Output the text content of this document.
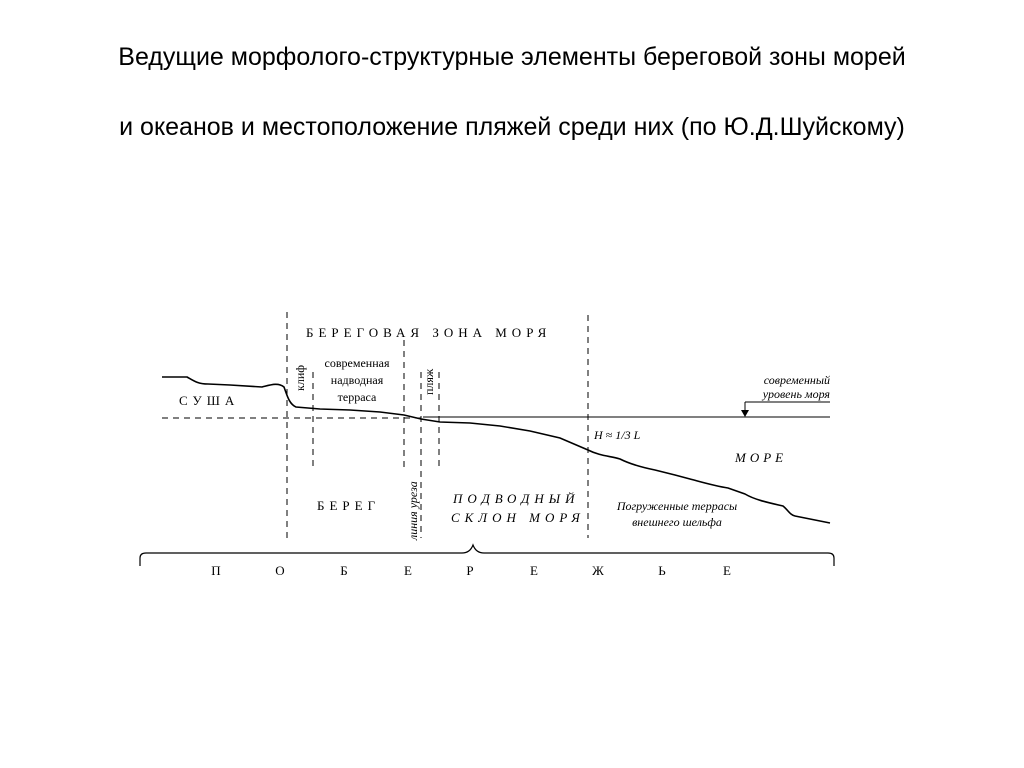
Ведущие морфолого-структурные элементы береговой зоны морей
и океанов и местоположение пляжей среди них (по Ю.Д.Шуйскому)
БЕРЕГОВАЯ ЗОНА МОРЯ
клиф
современная
надводная
терраса
пляж
СУША
современный
уровень моря
H ≈ 1/3 L
МОРЕ
БЕРЕГ линия уреза	ПОДВОДНЫЙ
СКЛОН МОРЯ
Погруженные террасы
внешнего шельфа
П	О	Б	Е	Р	Е	Ж	Ь	Е
